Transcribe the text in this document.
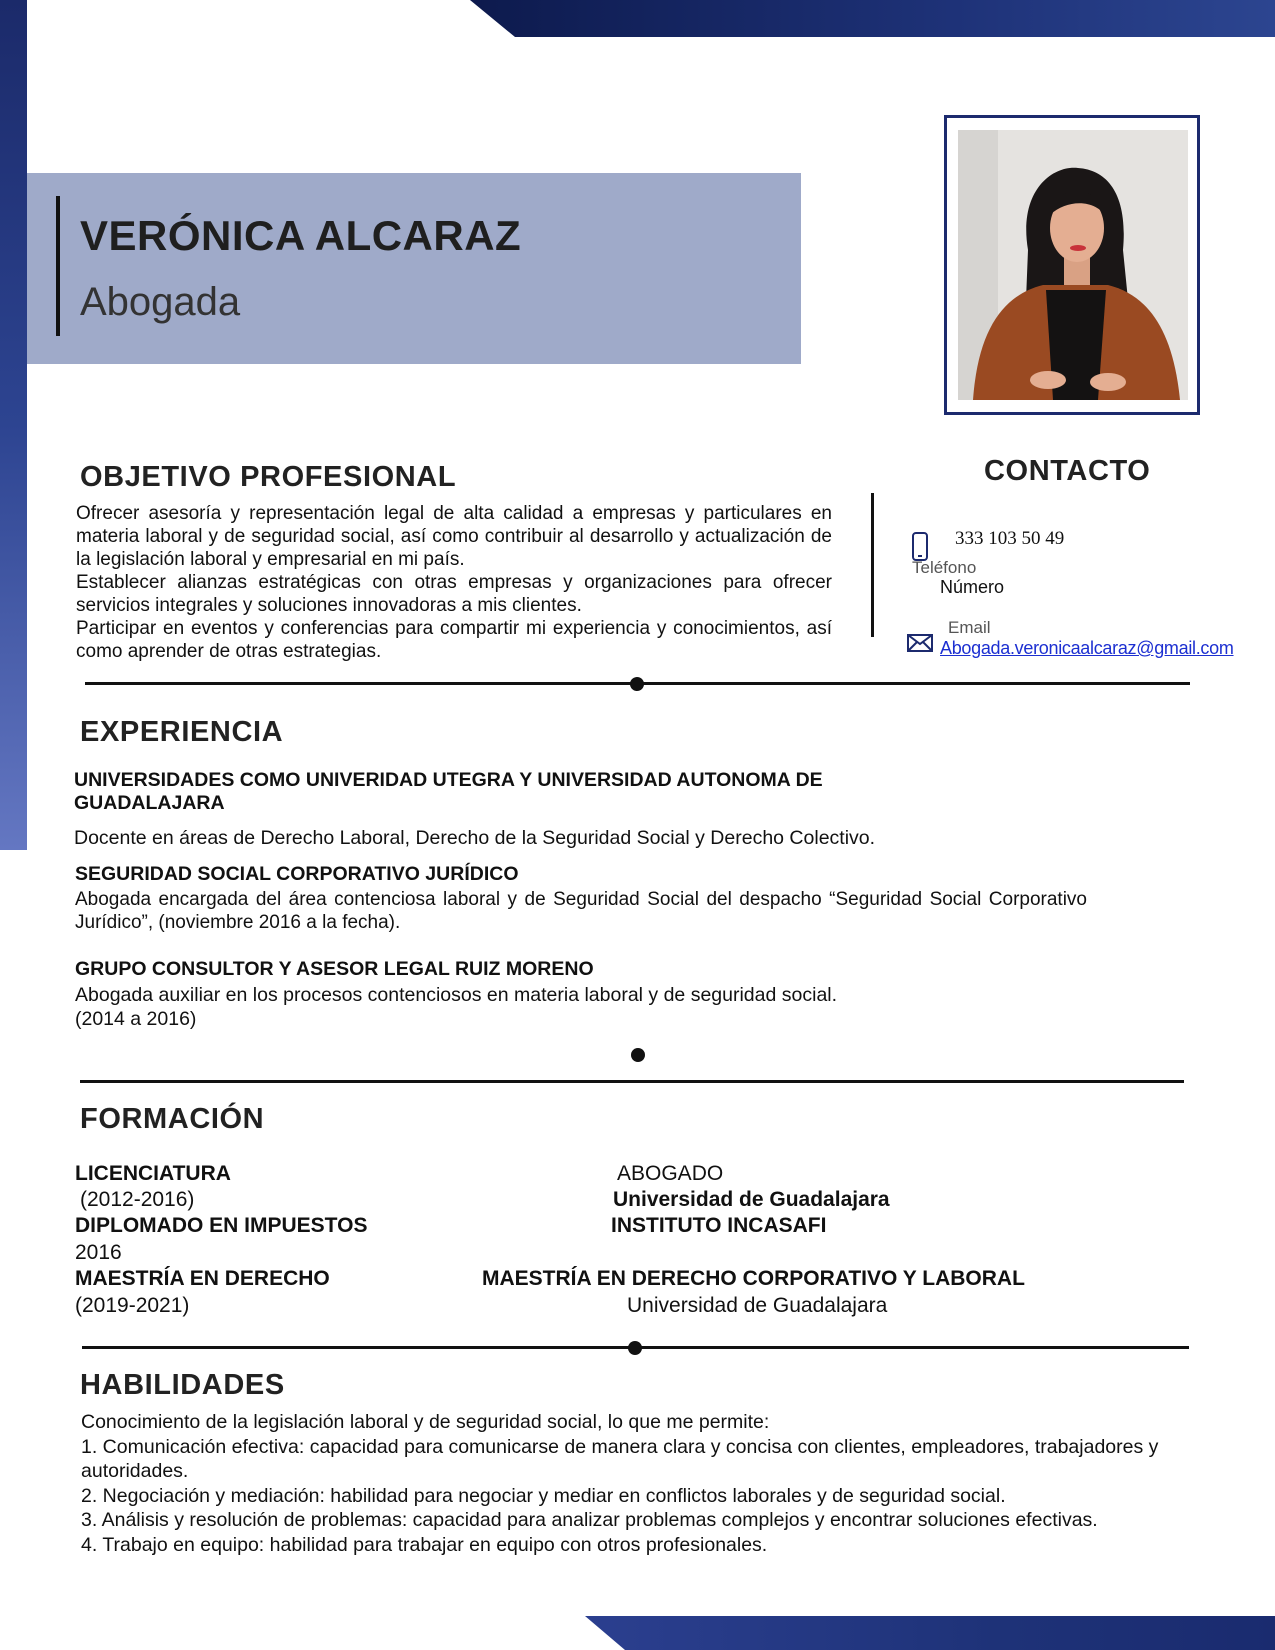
VERÓNICA ALCARAZ
Abogada
OBJETIVO PROFESIONAL
Ofrecer asesoría y representación legal de alta calidad a empresas y particulares en materia laboral y de seguridad social, así como contribuir al desarrollo y actualización de la legislación laboral y empresarial en mi país.
Establecer alianzas estratégicas con otras empresas y organizaciones para ofrecer servicios integrales y soluciones innovadoras a mis clientes.
Participar en eventos y conferencias para compartir mi experiencia y conocimientos, así como aprender de otras estrategias.
CONTACTO
333 103 50 49
Teléfono
Número
Email
Abogada.veronicaalcaraz@gmail.com
EXPERIENCIA
UNIVERSIDADES COMO UNIVERIDAD UTEGRA Y UNIVERSIDAD AUTONOMA DE GUADALAJARA
Docente en áreas de Derecho Laboral, Derecho de la Seguridad Social y Derecho Colectivo.
SEGURIDAD SOCIAL CORPORATIVO JURÍDICO
Abogada encargada del área contenciosa laboral y de Seguridad Social del despacho “Seguridad Social Corporativo Jurídico”, (noviembre 2016 a la fecha).
GRUPO CONSULTOR Y ASESOR LEGAL RUIZ MORENO
Abogada auxiliar en los procesos contenciosos en materia laboral y de seguridad social.
(2014 a 2016)
FORMACIÓN
LICENCIATURA
(2012-2016)
DIPLOMADO EN IMPUESTOS
2016
MAESTRÍA EN DERECHO
(2019-2021)
ABOGADO
Universidad de Guadalajara
INSTITUTO INCASAFI
MAESTRÍA EN DERECHO CORPORATIVO Y LABORAL
Universidad de Guadalajara
HABILIDADES
Conocimiento de la legislación laboral y de seguridad social, lo que me permite:
1. Comunicación efectiva: capacidad para comunicarse de manera clara y concisa con clientes, empleadores, trabajadores y autoridades.
2. Negociación y mediación: habilidad para negociar y mediar en conflictos laborales y de seguridad social.
3. Análisis y resolución de problemas: capacidad para analizar problemas complejos y encontrar soluciones efectivas.
4. Trabajo en equipo: habilidad para trabajar en equipo con otros profesionales.
